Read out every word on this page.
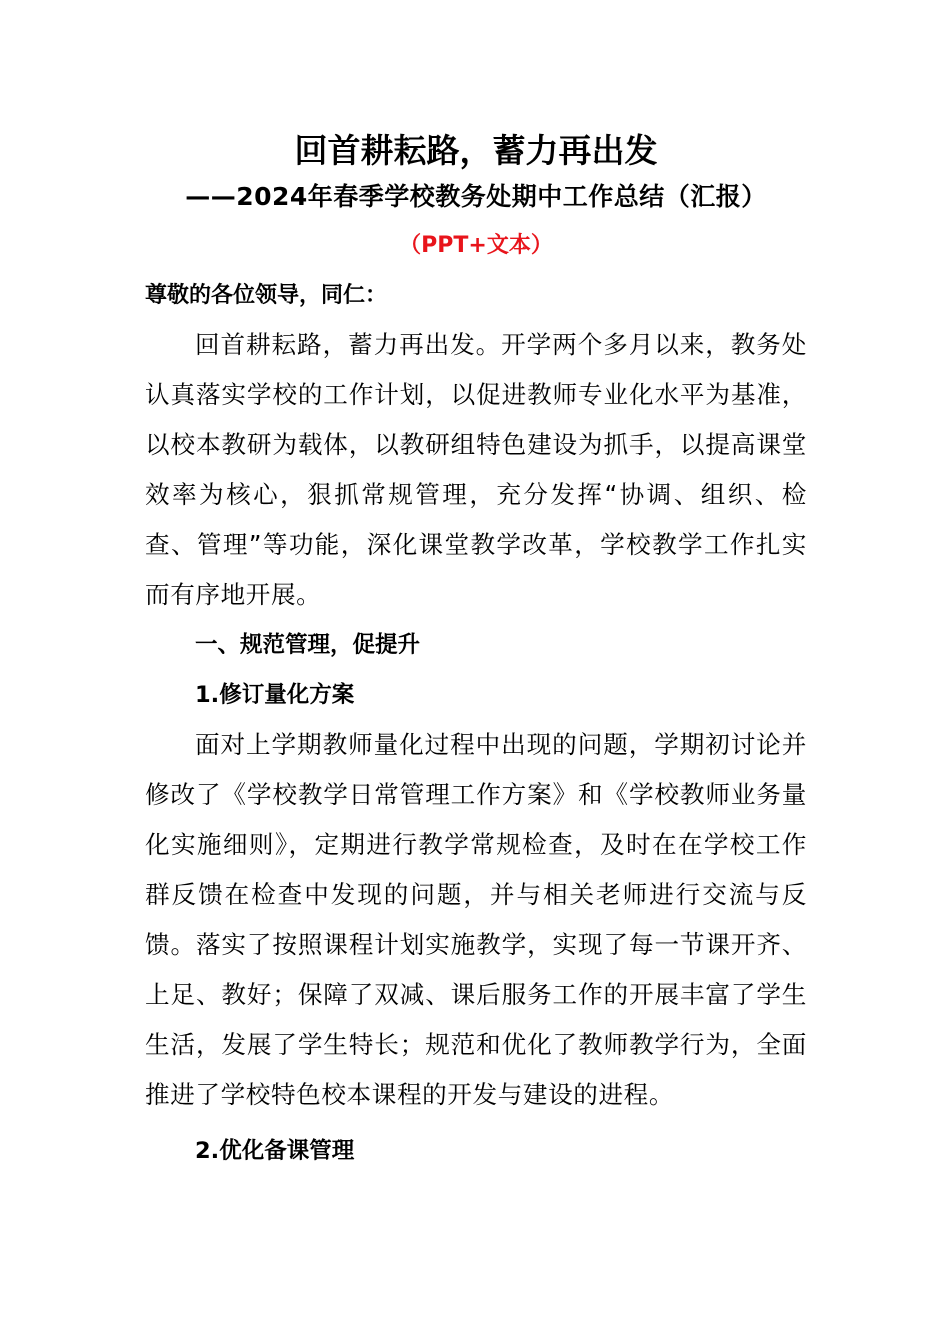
回首耕耘路，蓄力再出发
——2024年春季学校教务处期中工作总结（汇报）
（PPT+文本）

尊敬的各位领导，同仁：

回首耕耘路，蓄力再出发。开学两个多月以来，教务处认真落实学校的工作计划，以促进教师专业化水平为基准，以校本教研为载体，以教研组特色建设为抓手，以提高课堂效率为核心，狠抓常规管理，充分发挥“协调、组织、检查、管理”等功能，深化课堂教学改革，学校教学工作扎实而有序地开展。

一、规范管理，促提升

1.修订量化方案

面对上学期教师量化过程中出现的问题，学期初讨论并修改了《学校教学日常管理工作方案》和《学校教师业务量化实施细则》，定期进行教学常规检查，及时在在学校工作群反馈在检查中发现的问题，并与相关老师进行交流与反馈。落实了按照课程计划实施教学，实现了每一节课开齐、上足、教好；保障了双减、课后服务工作的开展丰富了学生生活，发展了学生特长；规范和优化了教师教学行为，全面推进了学校特色校本课程的开发与建设的进程。

2.优化备课管理
